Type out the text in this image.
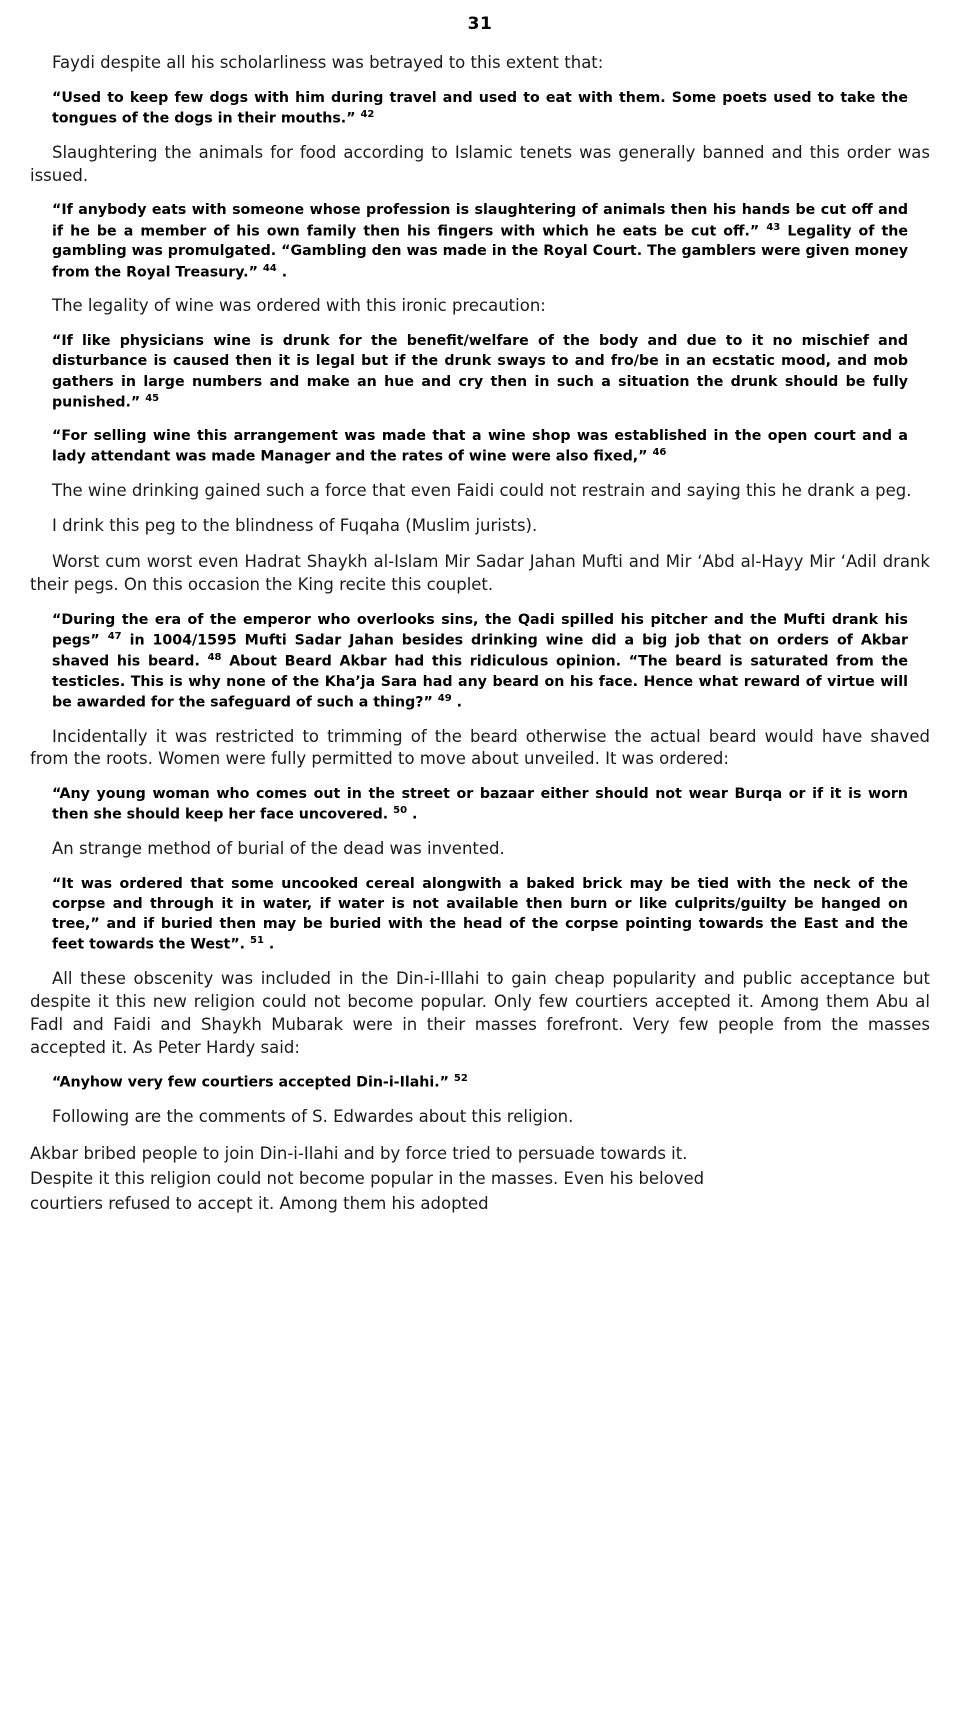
31

Faydi despite all his scholarliness was betrayed to this extent that:

“Used to keep few dogs with him during travel and used to eat with them. Some poets used to take the tongues of the dogs in their mouths.” $^{42}$

Slaughtering the animals for food according to Islamic tenets was generally banned and this order was issued.

“If anybody eats with someone whose profession is slaughtering of animals then his hands be cut off and if he be a member of his own family then his fingers with which he eats be cut off.” $^{43}$ Legality of the gambling was promulgated. “Gambling den was made in the Royal Court. The gamblers were given money from the Royal Treasury.” $^{44}$ .

The legality of wine was ordered with this ironic precaution:

“If like physicians wine is drunk for the benefit/welfare of the body and due to it no mischief and disturbance is caused then it is legal but if the drunk sways to and fro/be in an ecstatic mood, and mob gathers in large numbers and make an hue and cry then in such a situation the drunk should be fully punished.” $^{45}$
“For selling wine this arrangement was made that a wine shop was established in the open court and a lady attendant was made Manager and the rates of wine were also fixed,” $^{46}$

The wine drinking gained such a force that even Faidi could not restrain and saying this he drank a peg.

I drink this peg to the blindness of Fuqaha (Muslim jurists).

Worst cum worst even Hadrat Shaykh al-Islam Mir Sadar Jahan Mufti and Mir ‘Abd al-Hayy Mir ‘Adil drank their pegs. On this occasion the King recite this couplet.

“During the era of the emperor who overlooks sins, the Qadi spilled his pitcher and the Mufti drank his pegs” $^{47}$ in 1004/1595 Mufti Sadar Jahan besides drinking wine did a big job that on orders of Akbar shaved his beard. $^{48}$ About Beard Akbar had this ridiculous opinion. “The beard is saturated from the testicles. This is why none of the Kha’ja Sara had any beard on his face. Hence what reward of virtue will be awarded for the safeguard of such a thing?” $^{49}$ .

Incidentally it was restricted to trimming of the beard otherwise the actual beard would have shaved from the roots. Women were fully permitted to move about unveiled. It was ordered:

“Any young woman who comes out in the street or bazaar either should not wear Burqa or if it is worn then she should keep her face uncovered. $^{50}$ .

An strange method of burial of the dead was invented.

“It was ordered that some uncooked cereal alongwith a baked brick may be tied with the neck of the corpse and through it in water, if water is not available then burn or like culprits/guilty be hanged on tree,” and if buried then may be buried with the head of the corpse pointing towards the East and the feet towards the West”. $^{51}$ .

All these obscenity was included in the Din-i-Illahi to gain cheap popularity and public acceptance but despite it this new religion could not become popular. Only few courtiers accepted it. Among them Abu al Fadl and Faidi and Shaykh Mubarak were in their masses forefront. Very few people from the masses accepted it. As Peter Hardy said:

“Anyhow very few courtiers accepted Din-i-Ilahi.” $^{52}$

Following are the comments of S. Edwardes about this religion.

Akbar bribed people to join Din-i-Ilahi and by force tried to persuade towards it.
Despite it this religion could not become popular in the masses. Even his beloved
courtiers refused to accept it. Among them his adopted
